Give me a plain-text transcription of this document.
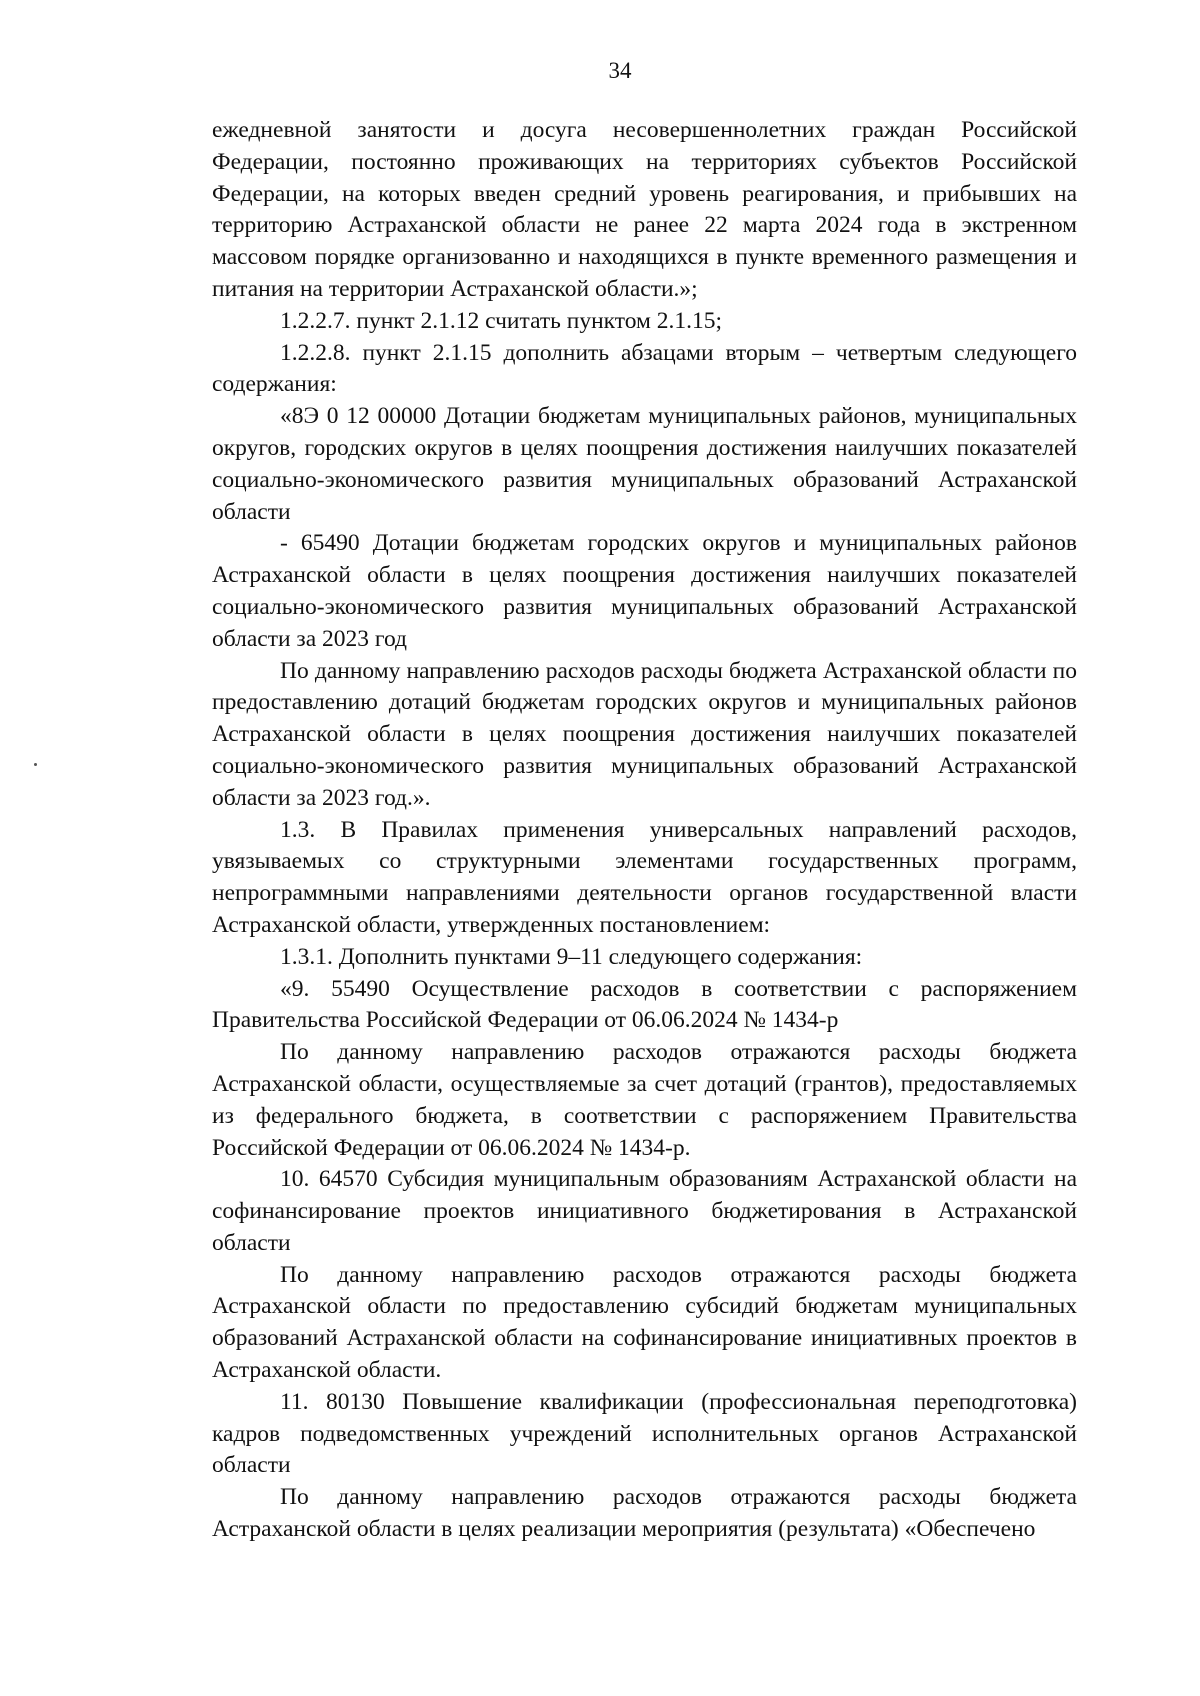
34

ежедневной занятости и досуга несовершеннолетних граждан Российской Федерации, постоянно проживающих на территориях субъектов Российской Федерации, на которых введен средний уровень реагирования, и прибывших на территорию Астраханской области не ранее 22 марта 2024 года в экстренном массовом порядке организованно и находящихся в пункте временного размещения и питания на территории Астраханской области.»;

1.2.2.7. пункт 2.1.12 считать пунктом 2.1.15;

1.2.2.8. пункт 2.1.15 дополнить абзацами вторым – четвертым следующего содержания:

«8Э 0 12 00000 Дотации бюджетам муниципальных районов, муниципальных округов, городских округов в целях поощрения достижения наилучших показателей социально-экономического развития муниципальных образований Астраханской области

- 65490 Дотации бюджетам городских округов и муниципальных районов Астраханской области в целях поощрения достижения наилучших показателей социально-экономического развития муниципальных образований Астраханской области за 2023 год

По данному направлению расходов расходы бюджета Астраханской области по предоставлению дотаций бюджетам городских округов и муниципальных районов Астраханской области в целях поощрения достижения наилучших показателей социально-экономического развития муниципальных образований Астраханской области за 2023 год.».

1.3. В Правилах применения универсальных направлений расходов, увязываемых со структурными элементами государственных программ, непрограммными направлениями деятельности органов государственной власти Астраханской области, утвержденных постановлением:

1.3.1. Дополнить пунктами 9–11 следующего содержания:

«9. 55490 Осуществление расходов в соответствии с распоряжением Правительства Российской Федерации от 06.06.2024 № 1434-р

По данному направлению расходов отражаются расходы бюджета Астраханской области, осуществляемые за счет дотаций (грантов), предоставляемых из федерального бюджета, в соответствии с распоряжением Правительства Российской Федерации от 06.06.2024 № 1434-р.

10. 64570 Субсидия муниципальным образованиям Астраханской области на софинансирование проектов инициативного бюджетирования в Астраханской области

По данному направлению расходов отражаются расходы бюджета Астраханской области по предоставлению субсидий бюджетам муниципальных образований Астраханской области на софинансирование инициативных проектов в Астраханской области.

11. 80130 Повышение квалификации (профессиональная переподготовка) кадров подведомственных учреждений исполнительных органов Астраханской области

По данному направлению расходов отражаются расходы бюджета Астраханской области в целях реализации мероприятия (результата) «Обеспечено
